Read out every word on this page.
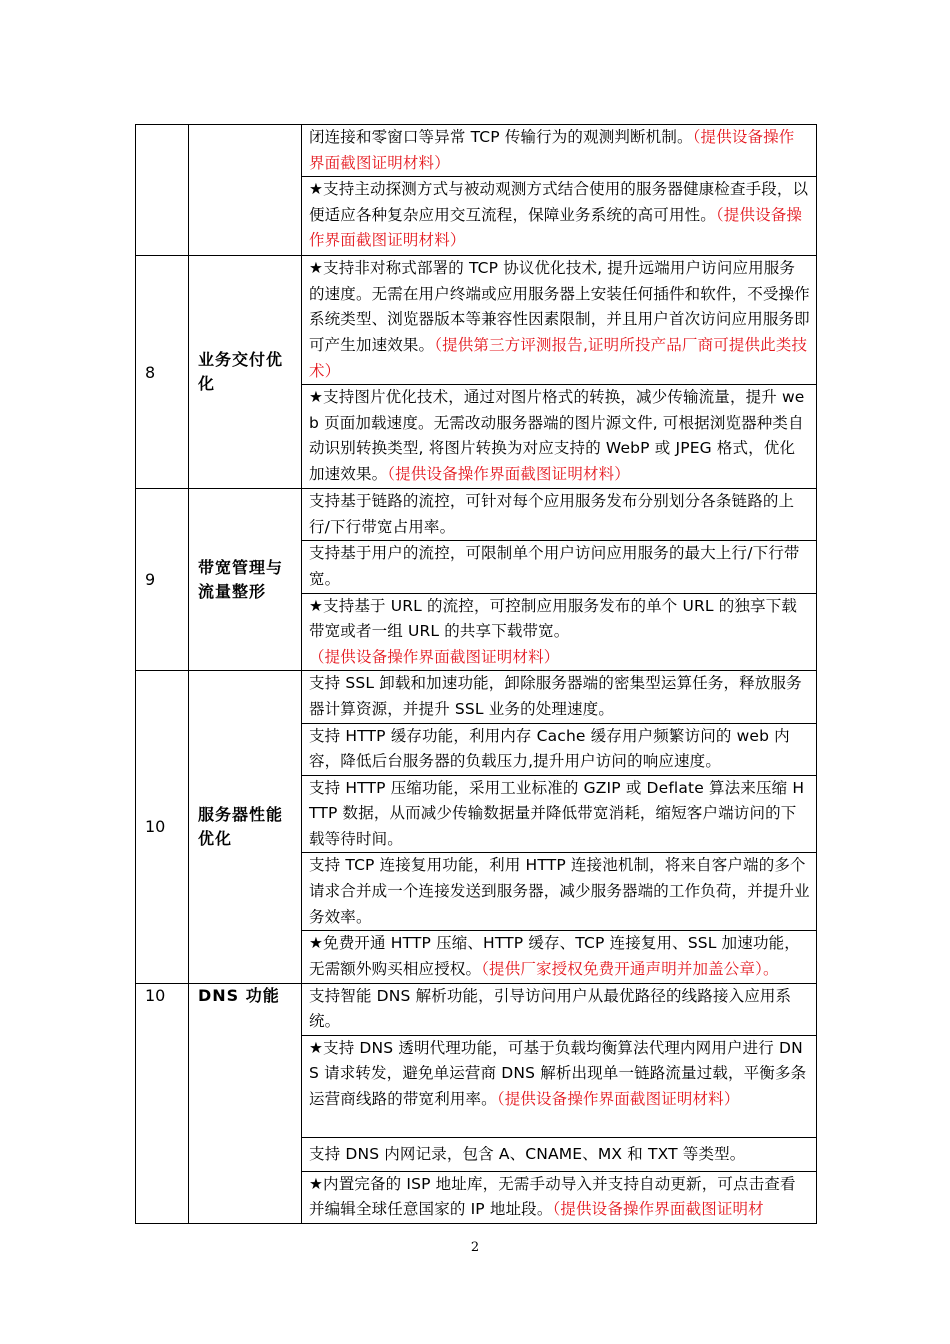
		闭连接和零窗口等异常 TCP 传输行为的观测判断机制。（提供设备操作界面截图证明材料）
		★支持主动探测方式与被动观测方式结合使用的服务器健康检查手段，以便适应各种复杂应用交互流程，保障业务系统的高可用性。（提供设备操作界面截图证明材料）
8	业务交付优化	★支持非对称式部署的 TCP 协议优化技术, 提升远端用户访问应用服务的速度。无需在用户终端或应用服务器上安装任何插件和软件，不受操作系统类型、浏览器版本等兼容性因素限制，并且用户首次访问应用服务即可产生加速效果。（提供第三方评测报告,证明所投产品厂商可提供此类技术）
		★支持图片优化技术，通过对图片格式的转换，减少传输流量，提升 web 页面加载速度。无需改动服务器端的图片源文件, 可根据浏览器种类自动识别转换类型, 将图片转换为对应支持的 WebP 或 JPEG 格式，优化加速效果。（提供设备操作界面截图证明材料）
9	带宽管理与流量整形	支持基于链路的流控，可针对每个应用服务发布分别划分各条链路的上行/下行带宽占用率。
		支持基于用户的流控，可限制单个用户访问应用服务的最大上行/下行带宽。
		★支持基于 URL 的流控，可控制应用服务发布的单个 URL 的独享下载带宽或者一组 URL 的共享下载带宽。（提供设备操作界面截图证明材料）
10	服务器性能优化	支持 SSL 卸载和加速功能，卸除服务器端的密集型运算任务，释放服务器计算资源，并提升 SSL 业务的处理速度。
		支持 HTTP 缓存功能，利用内存 Cache 缓存用户频繁访问的 web 内容，降低后台服务器的负载压力,提升用户访问的响应速度。
		支持 HTTP 压缩功能，采用工业标准的 GZIP 或 Deflate 算法来压缩 HTTP 数据，从而减少传输数据量并降低带宽消耗，缩短客户端访问的下载等待时间。
		支持 TCP 连接复用功能，利用 HTTP 连接池机制，将来自客户端的多个请求合并成一个连接发送到服务器，减少服务器端的工作负荷，并提升业务效率。
		★免费开通 HTTP 压缩、HTTP 缓存、TCP 连接复用、SSL 加速功能，无需额外购买相应授权。（提供厂家授权免费开通声明并加盖公章）。
10	DNS 功能	支持智能 DNS 解析功能，引导访问用户从最优路径的线路接入应用系统。
		★支持 DNS 透明代理功能，可基于负载均衡算法代理内网用户进行 DNS 请求转发，避免单运营商 DNS 解析出现单一链路流量过载，平衡多条运营商线路的带宽利用率。（提供设备操作界面截图证明材料）
		支持 DNS 内网记录，包含 A、CNAME、MX 和 TXT 等类型。
		★内置完备的 ISP 地址库，无需手动导入并支持自动更新，可点击查看并编辑全球任意国家的 IP 地址段。（提供设备操作界面截图证明材
2
